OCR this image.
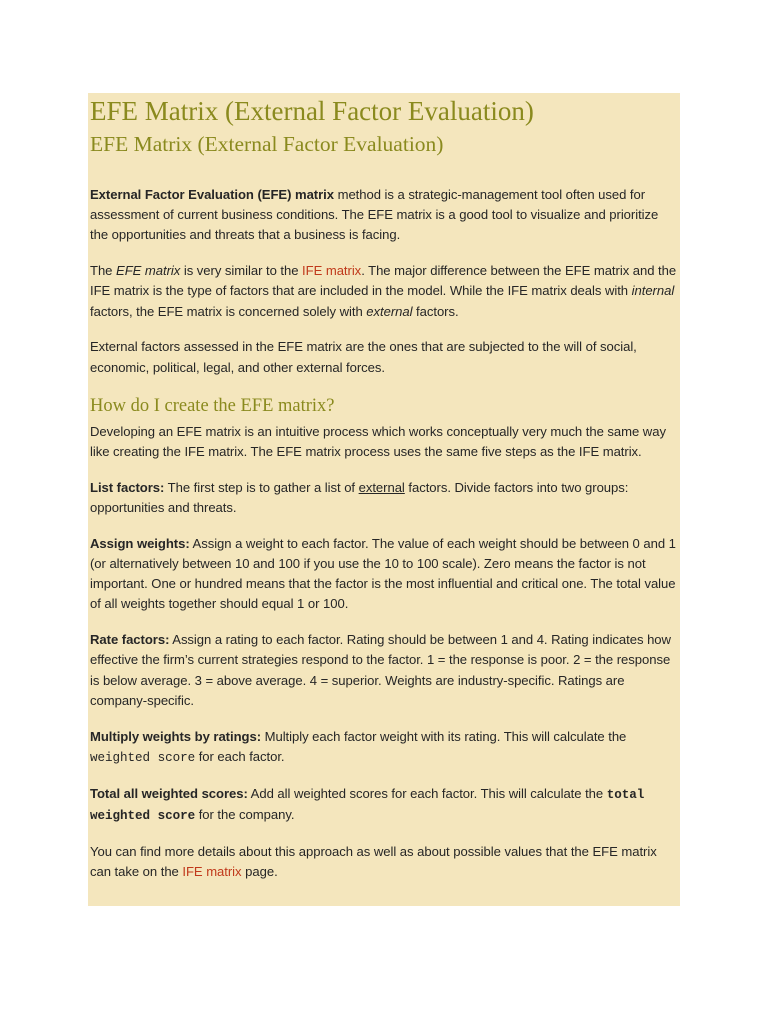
EFE Matrix (External Factor Evaluation)
EFE Matrix (External Factor Evaluation)

External Factor Evaluation (EFE) matrix method is a strategic-management tool often used for assessment of current business conditions. The EFE matrix is a good tool to visualize and prioritize the opportunities and threats that a business is facing.

The EFE matrix is very similar to the IFE matrix. The major difference between the EFE matrix and the IFE matrix is the type of factors that are included in the model. While the IFE matrix deals with internal factors, the EFE matrix is concerned solely with external factors.

External factors assessed in the EFE matrix are the ones that are subjected to the will of social, economic, political, legal, and other external forces.

How do I create the EFE matrix?

Developing an EFE matrix is an intuitive process which works conceptually very much the same way like creating the IFE matrix. The EFE matrix process uses the same five steps as the IFE matrix.

List factors: The first step is to gather a list of external factors. Divide factors into two groups: opportunities and threats.

Assign weights: Assign a weight to each factor. The value of each weight should be between 0 and 1 (or alternatively between 10 and 100 if you use the 10 to 100 scale). Zero means the factor is not important. One or hundred means that the factor is the most influential and critical one. The total value of all weights together should equal 1 or 100.

Rate factors: Assign a rating to each factor. Rating should be between 1 and 4. Rating indicates how effective the firm’s current strategies respond to the factor. 1 = the response is poor. 2 = the response is below average. 3 = above average. 4 = superior. Weights are industry-specific. Ratings are company-specific.

Multiply weights by ratings: Multiply each factor weight with its rating. This will calculate the weighted score for each factor.

Total all weighted scores: Add all weighted scores for each factor. This will calculate the total weighted score for the company.

You can find more details about this approach as well as about possible values that the EFE matrix can take on the IFE matrix page.
